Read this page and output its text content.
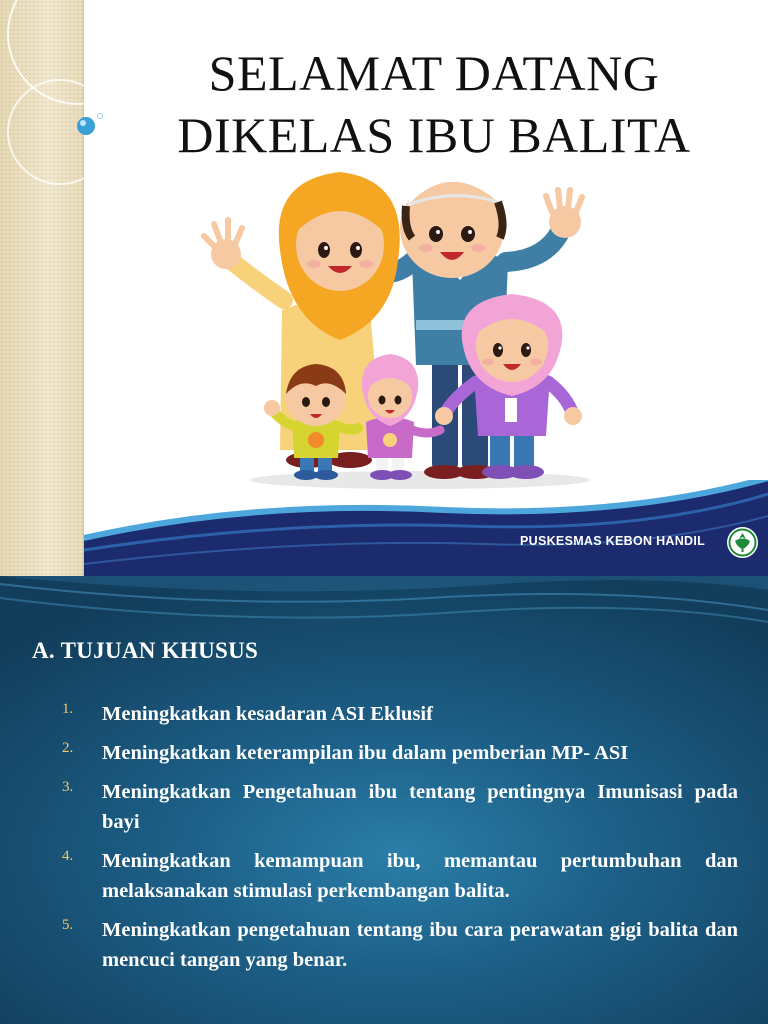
SELAMAT DATANG
DIKELAS IBU BALITA
PUSKESMAS KEBON HANDIL
A. TUJUAN KHUSUS
1.	Meningkatkan kesadaran ASI Eklusif
2.	Meningkatkan keterampilan ibu dalam pemberian MP- ASI
3.	Meningkatkan Pengetahuan ibu tentang pentingnya Imunisasi pada bayi
4.	Meningkatkan kemampuan ibu, memantau pertumbuhan dan melaksanakan stimulasi perkembangan balita.
5.	Meningkatkan pengetahuan tentang ibu cara perawatan gigi balita dan mencuci tangan yang benar.
